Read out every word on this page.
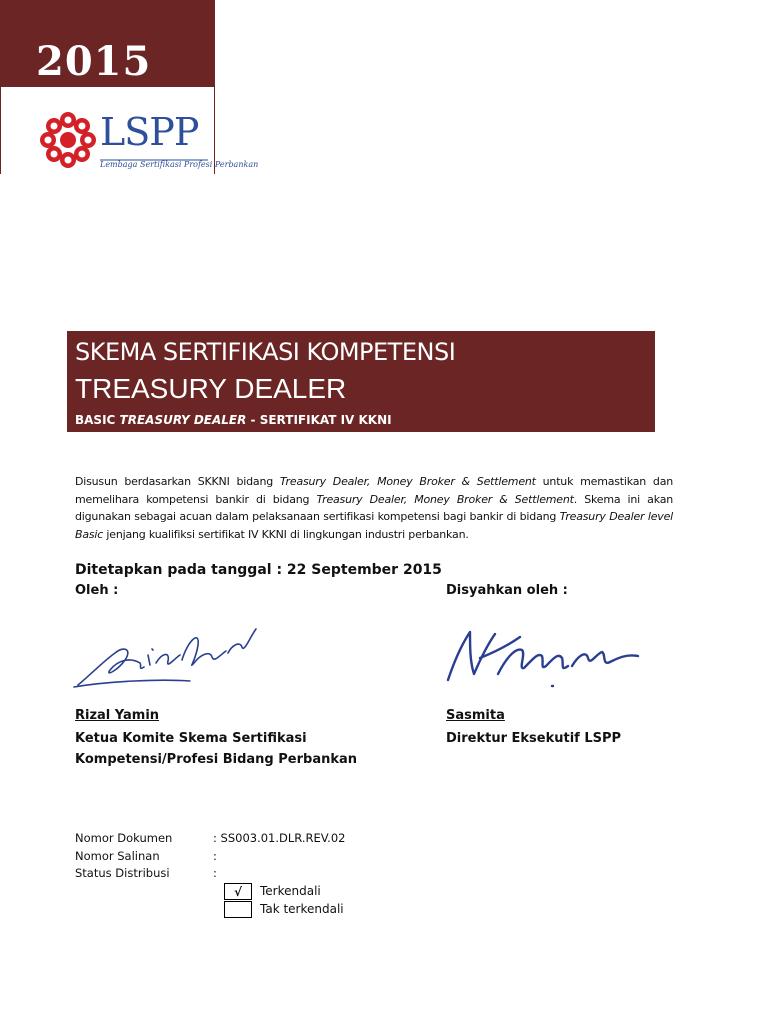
2015
LSPP
Lembaga Sertifikasi Profesi Perbankan
SKEMA SERTIFIKASI KOMPETENSI
TREASURY DEALER
BASIC TREASURY DEALER - SERTIFIKAT IV KKNI
Disusun berdasarkan SKKNI bidang Treasury Dealer, Money Broker & Settlement untuk memastikan dan memelihara kompetensi bankir di bidang Treasury Dealer, Money Broker & Settlement. Skema ini akan digunakan sebagai acuan dalam pelaksanaan sertifikasi kompetensi bagi bankir di bidang Treasury Dealer level Basic jenjang kualifiksi sertifikat IV KKNI di lingkungan industri perbankan.
Ditetapkan pada tanggal : 22 September 2015
Oleh :	Disyahkan oleh :
Rizal Yamin	Sasmita
Ketua Komite Skema Sertifikasi Kompetensi/Profesi Bidang Perbankan
Direktur Eksekutif LSPP
Nomor Dokumen	: SS003.01.DLR.REV.02
Nomor Salinan	:
Status Distribusi	:
√	Terkendali
Tak terkendali
